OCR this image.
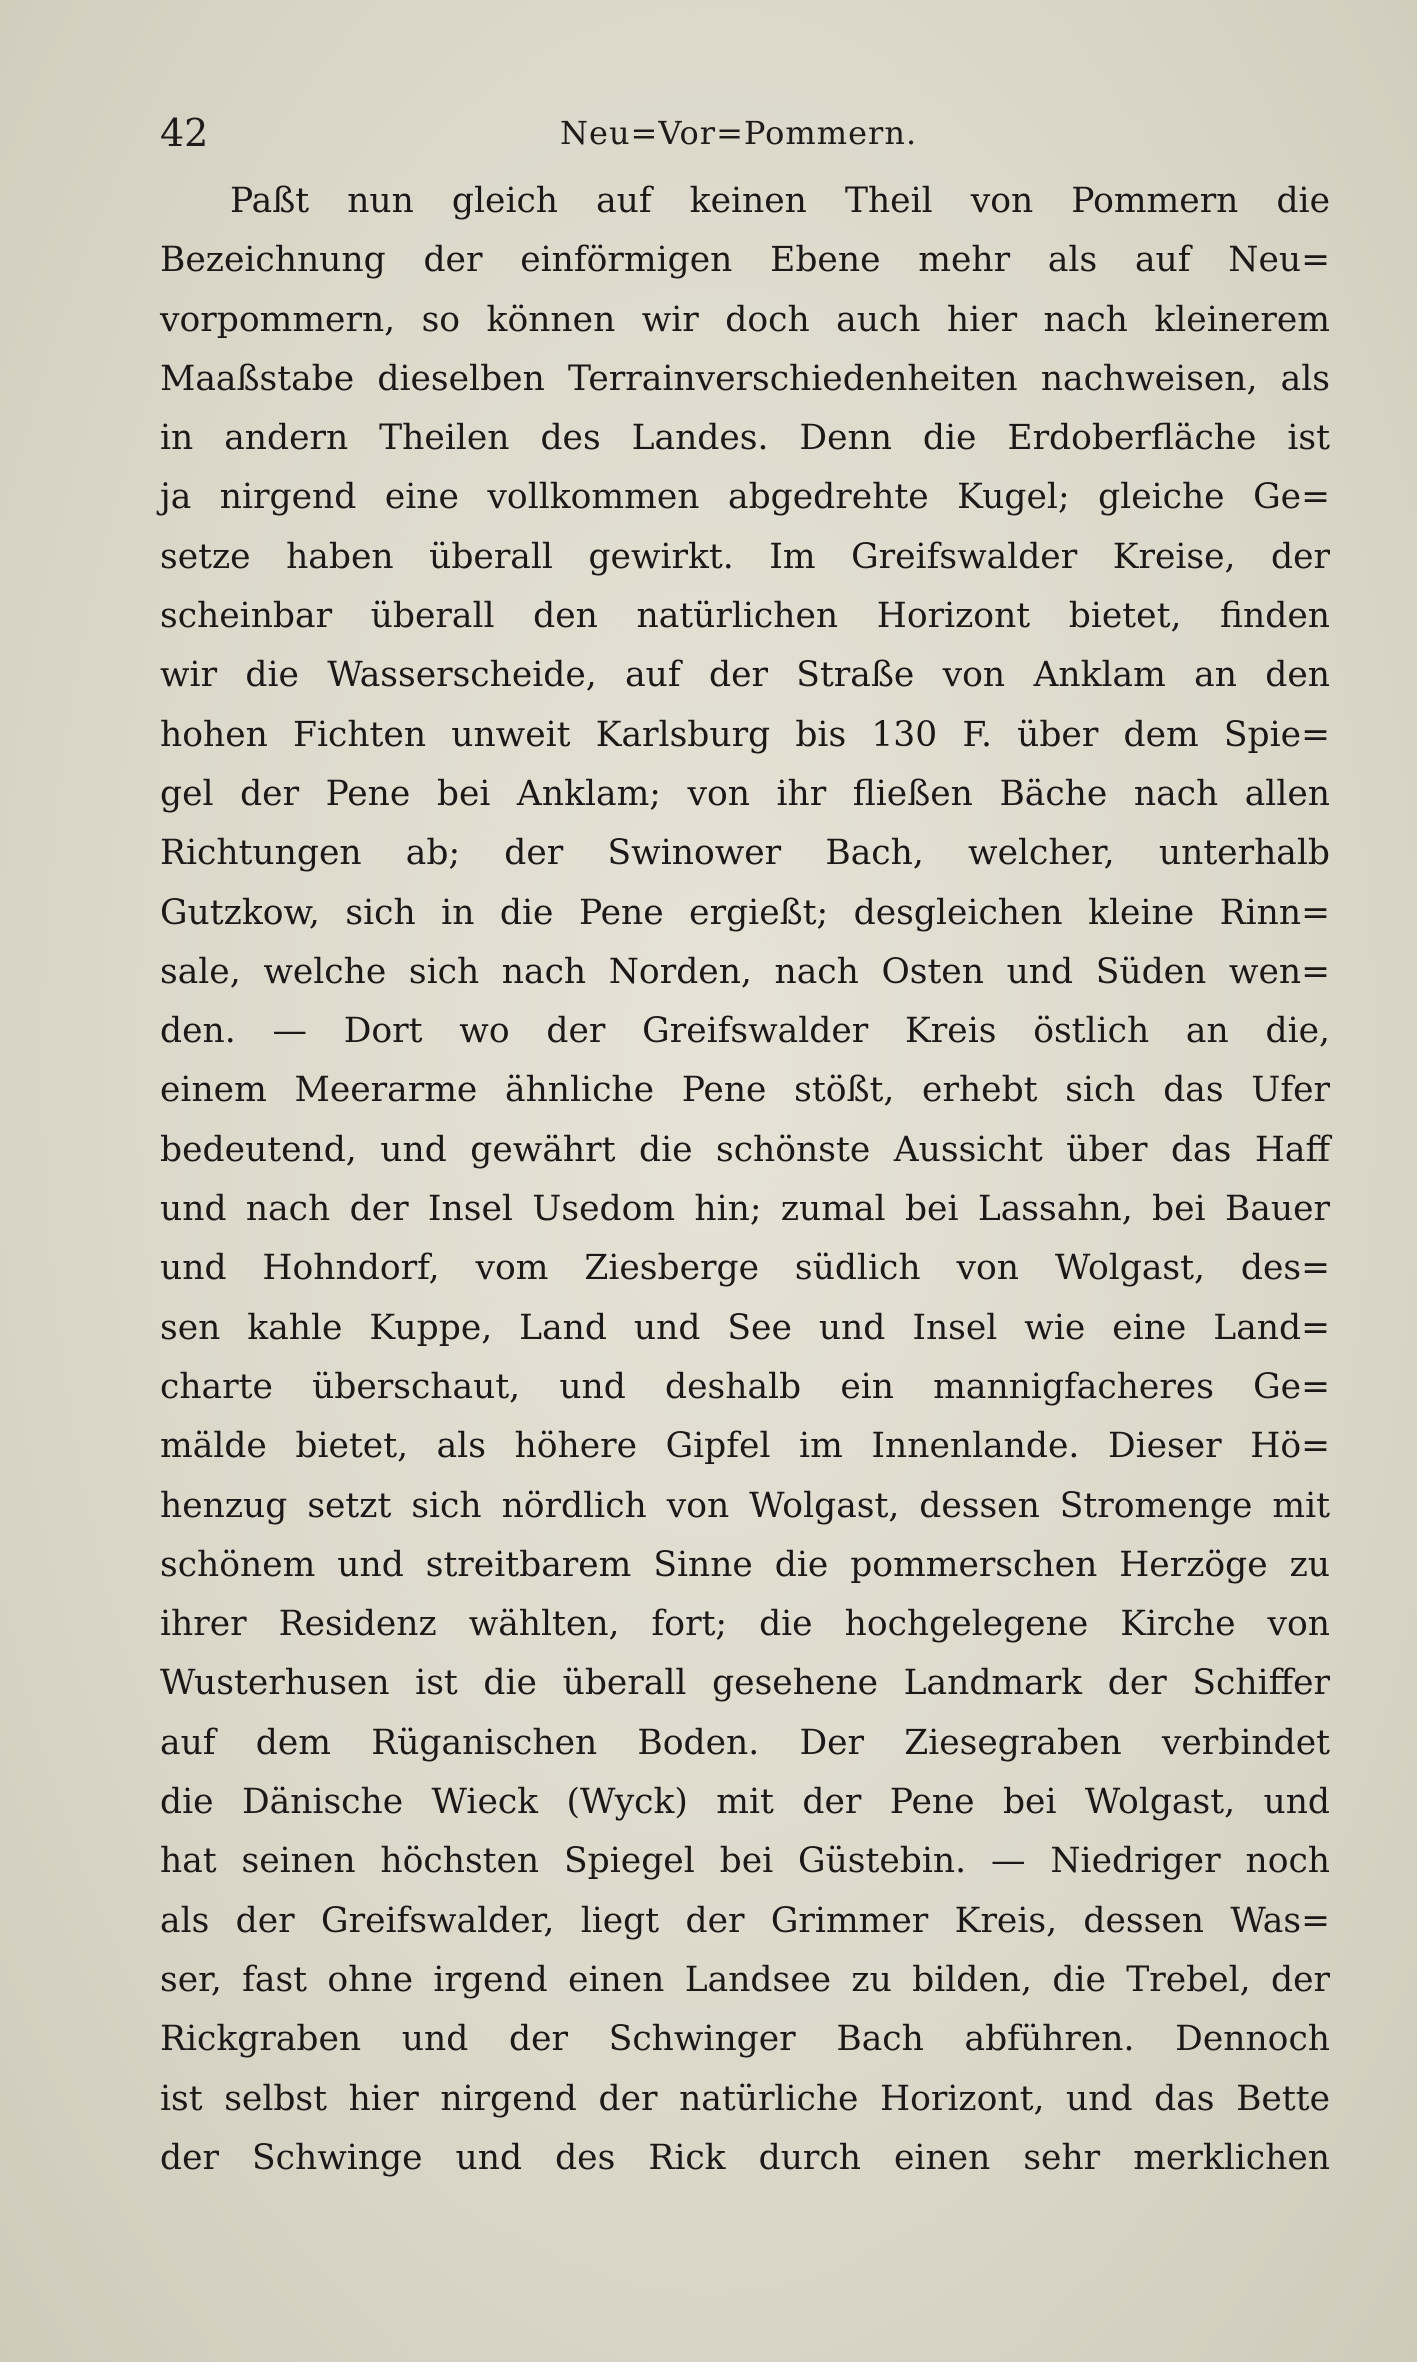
42	Neu=Vor=Pommern.
Paßt nun gleich auf keinen Theil von Pommern die
Bezeichnung der einförmigen Ebene mehr als auf Neu=
vorpommern, so können wir doch auch hier nach kleinerem
Maaßstabe dieselben Terrainverschiedenheiten nachweisen, als
in andern Theilen des Landes. Denn die Erdoberfläche ist
ja nirgend eine vollkommen abgedrehte Kugel; gleiche Ge=
setze haben überall gewirkt. Im Greifswalder Kreise, der
scheinbar überall den natürlichen Horizont bietet, finden
wir die Wasserscheide, auf der Straße von Anklam an den
hohen Fichten unweit Karlsburg bis 130 F. über dem Spie=
gel der Pene bei Anklam; von ihr fließen Bäche nach allen
Richtungen ab; der Swinower Bach, welcher, unterhalb
Gutzkow, sich in die Pene ergießt; desgleichen kleine Rinn=
sale, welche sich nach Norden, nach Osten und Süden wen=
den. — Dort wo der Greifswalder Kreis östlich an die,
einem Meerarme ähnliche Pene stößt, erhebt sich das Ufer
bedeutend, und gewährt die schönste Aussicht über das Haff
und nach der Insel Usedom hin; zumal bei Lassahn, bei Bauer
und Hohndorf, vom Ziesberge südlich von Wolgast, des=
sen kahle Kuppe, Land und See und Insel wie eine Land=
charte überschaut, und deshalb ein mannigfacheres Ge=
mälde bietet, als höhere Gipfel im Innenlande. Dieser Hö=
henzug setzt sich nördlich von Wolgast, dessen Stromenge mit
schönem und streitbarem Sinne die pommerschen Herzöge zu
ihrer Residenz wählten, fort; die hochgelegene Kirche von
Wusterhusen ist die überall gesehene Landmark der Schiffer
auf dem Rüganischen Boden. Der Ziesegraben verbindet
die Dänische Wieck (Wyck) mit der Pene bei Wolgast, und
hat seinen höchsten Spiegel bei Güstebin. — Niedriger noch
als der Greifswalder, liegt der Grimmer Kreis, dessen Was=
ser, fast ohne irgend einen Landsee zu bilden, die Trebel, der
Rickgraben und der Schwinger Bach abführen. Dennoch
ist selbst hier nirgend der natürliche Horizont, und das Bette
der Schwinge und des Rick durch einen sehr merklichen
